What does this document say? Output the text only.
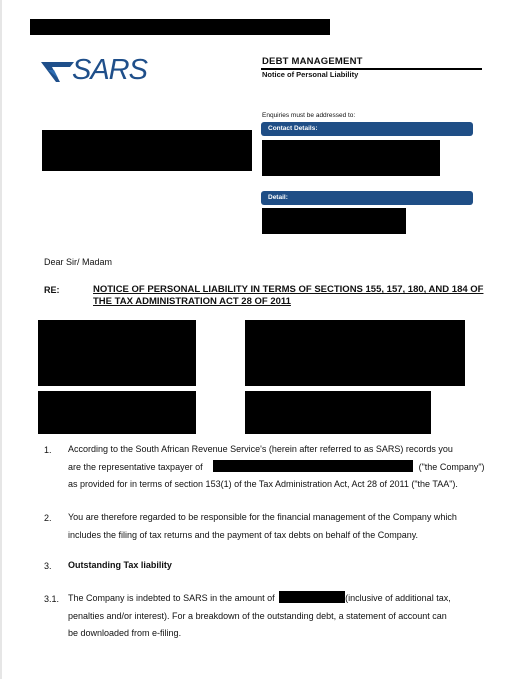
SARS	DEBT MANAGEMENT
Notice of Personal Liability
Enquiries must be addressed to:
Contact Details:
Detail:
Dear Sir/ Madam
RE:	NOTICE OF PERSONAL LIABILITY IN TERMS OF SECTIONS 155, 157, 180, AND 184 OF THE TAX ADMINISTRATION ACT 28 OF 2011
1. According to the South African Revenue Service's (herein after referred to as SARS) records you
are the representative taxpayer of	("the Company")
as provided for in terms of section 153(1) of the Tax Administration Act, Act 28 of 2011 ("the TAA").
2. You are therefore regarded to be responsible for the financial management of the Company which
includes the filing of tax returns and the payment of tax debts on behalf of the Company.
3. Outstanding Tax liability
3.1. The Company is indebted to SARS in the amount of	(inclusive of additional tax,
penalties and/or interest). For a breakdown of the outstanding debt, a statement of account can
be downloaded from e-filing.
